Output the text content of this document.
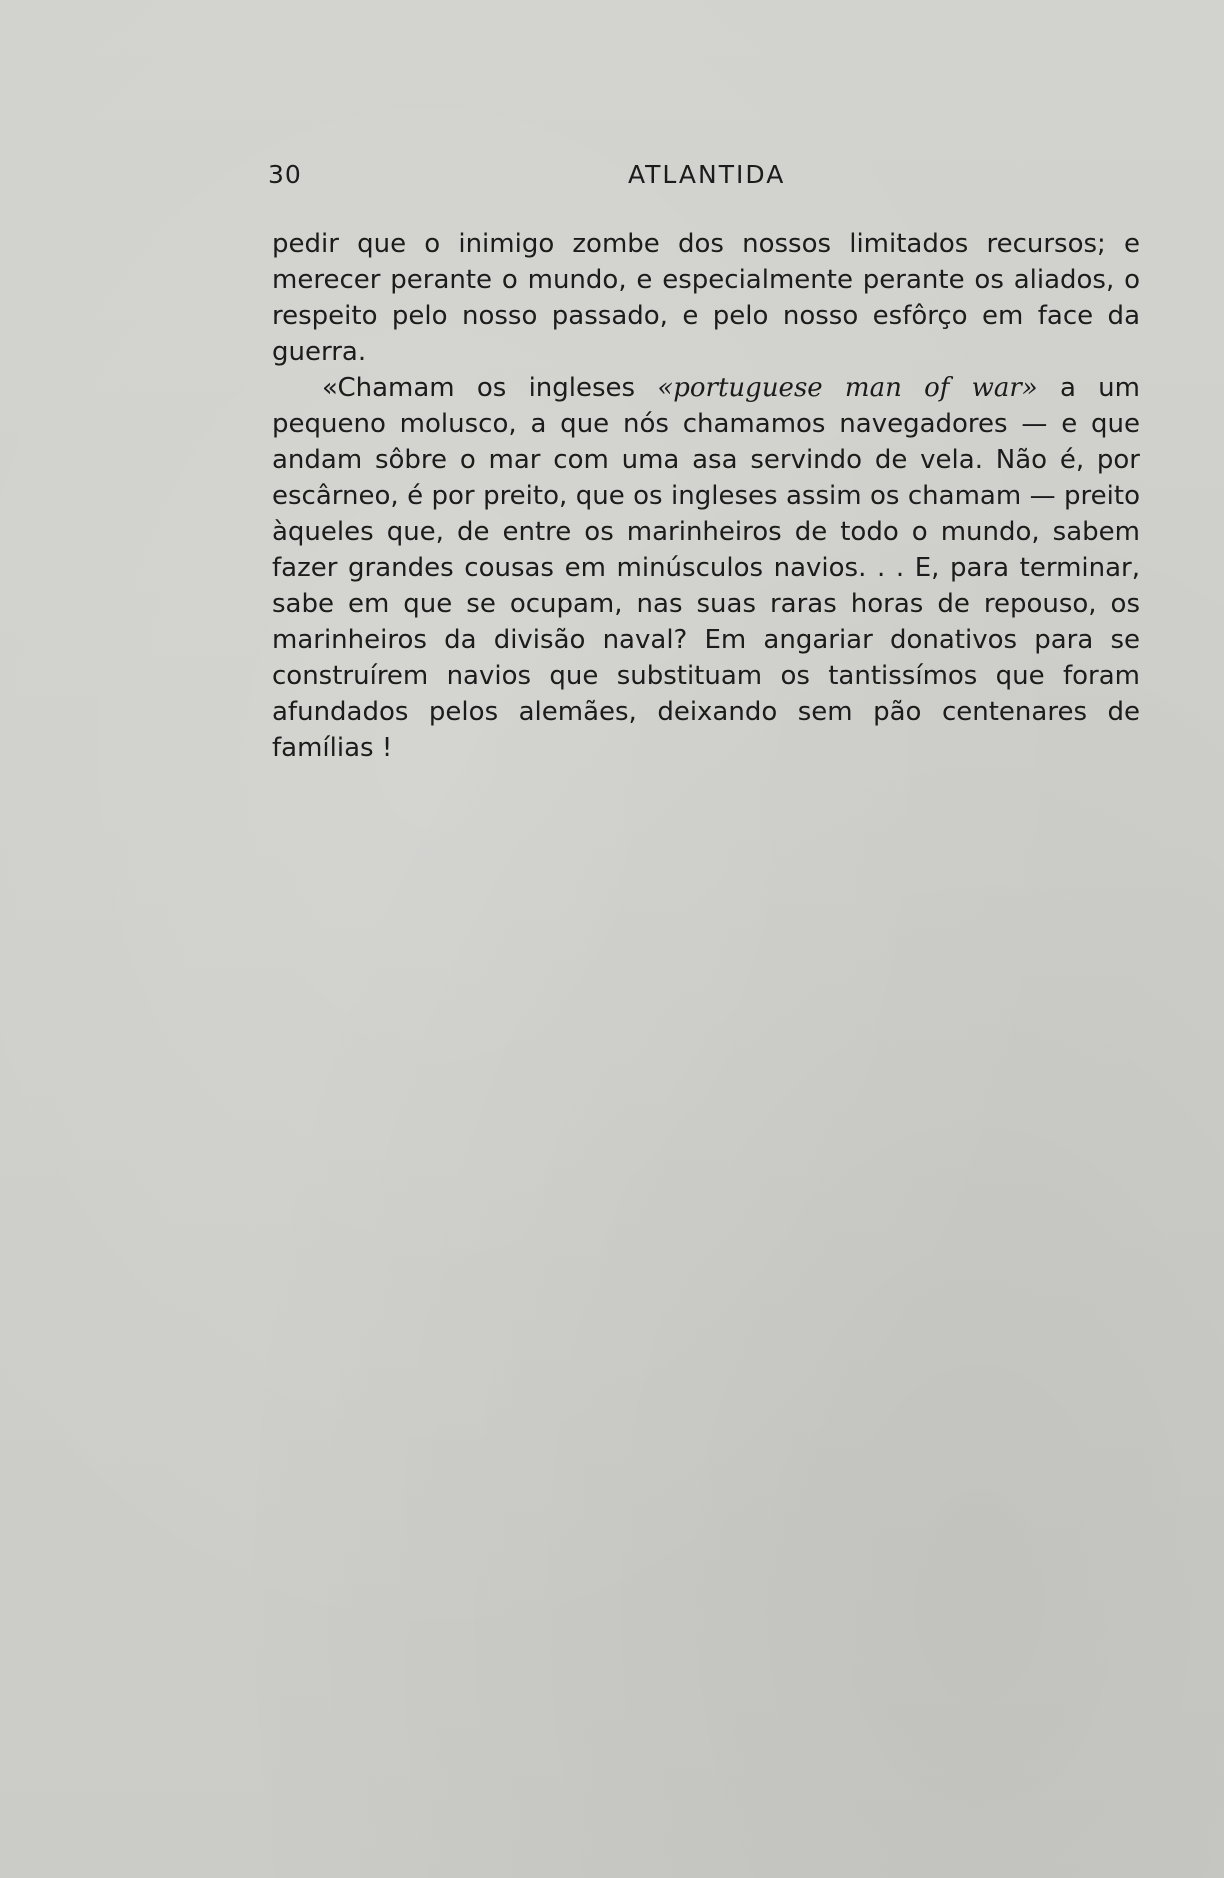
30	ATLANTIDA

pedir que o inimigo zombe dos nossos limitados recursos; e merecer perante o mundo, e especialmente perante os aliados, o respeito pelo nosso passado, e pelo nosso esfôrço em face da guerra.

«Chamam os ingleses «portuguese man of war» a um pequeno molusco, a que nós chamamos navegadores — e que andam sôbre o mar com uma asa servindo de vela. Não é, por escârneo, é por preito, que os ingleses assim os chamam — preito àqueles que, de entre os marinheiros de todo o mundo, sabem fazer grandes cousas em minúsculos navios. . . E, para terminar, sabe em que se ocupam, nas suas raras horas de repouso, os marinheiros da divisão naval? Em angariar donativos para se construírem navios que substituam os tantissímos que foram afundados pelos alemães, deixando sem pão centenares de famílias !
